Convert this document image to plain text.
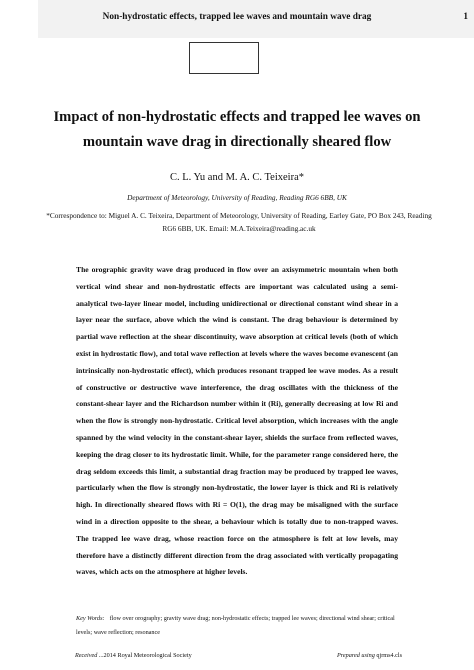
Non-hydrostatic effects, trapped lee waves and mountain wave drag	1
Impact of non-hydrostatic effects and trapped lee waves on
mountain wave drag in directionally sheared flow
C. L. Yu and M. A. C. Teixeira*
Department of Meteorology, University of Reading, Reading RG6 6BB, UK
*Correspondence to: Miguel A. C. Teixeira, Department of Meteorology, University of Reading, Earley Gate, PO Box 243, Reading
RG6 6BB, UK. Email: M.A.Teixeira@reading.ac.uk

The orographic gravity wave drag produced in flow over an axisymmetric mountain when both vertical wind shear and non-hydrostatic effects are important was calculated using a semi-analytical two-layer linear model, including unidirectional or directional constant wind shear in a layer near the surface, above which the wind is constant. The drag behaviour is determined by partial wave reflection at the shear discontinuity, wave absorption at critical levels (both of which exist in hydrostatic flow), and total wave reflection at levels where the waves become evanescent (an intrinsically non-hydrostatic effect), which produces resonant trapped lee wave modes. As a result of constructive or destructive wave interference, the drag oscillates with the thickness of the constant-shear layer and the Richardson number within it (Ri), generally decreasing at low Ri and when the flow is strongly non-hydrostatic. Critical level absorption, which increases with the angle spanned by the wind velocity in the constant-shear layer, shields the surface from reflected waves, keeping the drag closer to its hydrostatic limit. While, for the parameter range considered here, the drag seldom exceeds this limit, a substantial drag fraction may be produced by trapped lee waves, particularly when the flow is strongly non-hydrostatic, the lower layer is thick and Ri is relatively high. In directionally sheared flows with Ri = O(1), the drag may be misaligned with the surface wind in a direction opposite to the shear, a behaviour which is totally due to non-trapped waves. The trapped lee wave drag, whose reaction force on the atmosphere is felt at low levels, may therefore have a distinctly different direction from the drag associated with vertically propagating waves, which acts on the atmosphere at higher levels.

Key Words: flow over orography; gravity wave drag; non-hydrostatic effects; trapped lee waves; directional wind shear; critical levels; wave reflection; resonance
Received ...2014 Royal Meteorological Society	Prepared using qjrms4.cls
